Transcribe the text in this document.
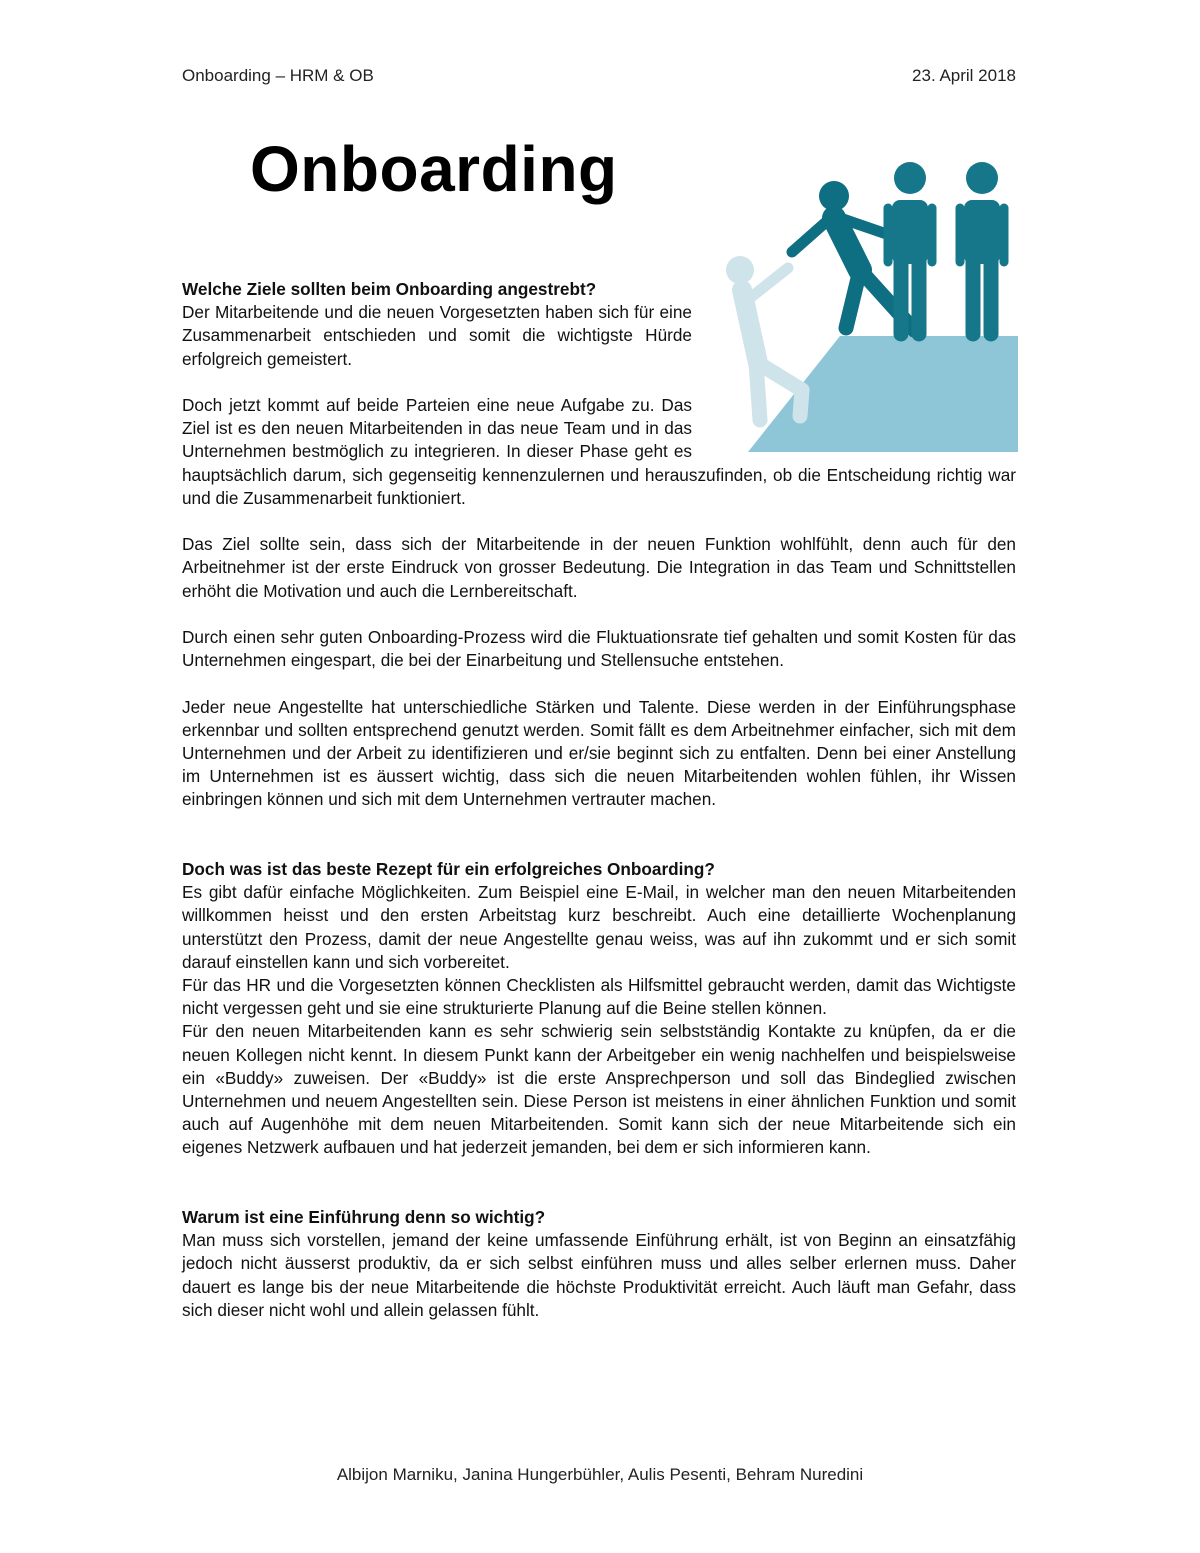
Onboarding – HRM & OB	23. April 2018
Onboarding
Welche Ziele sollten beim Onboarding angestrebt?

Der Mitarbeitende und die neuen Vorgesetzten haben sich für eine Zusammenarbeit entschieden und somit die wichtigste Hürde erfolgreich gemeistert.

Doch jetzt kommt auf beide Parteien eine neue Aufgabe zu. Das Ziel ist es den neuen Mitarbeitenden in das neue Team und in das Unternehmen bestmöglich zu integrieren. In dieser Phase geht es hauptsächlich darum, sich gegenseitig kennenzulernen und herauszufinden, ob die Entscheidung richtig war und die Zusammenarbeit funktioniert.

Das Ziel sollte sein, dass sich der Mitarbeitende in der neuen Funktion wohlfühlt, denn auch für den Arbeitnehmer ist der erste Eindruck von grosser Bedeutung. Die Integration in das Team und Schnittstellen erhöht die Motivation und auch die Lernbereitschaft.

Durch einen sehr guten Onboarding-Prozess wird die Fluktuationsrate tief gehalten und somit Kosten für das Unternehmen eingespart, die bei der Einarbeitung und Stellensuche entstehen.

Jeder neue Angestellte hat unterschiedliche Stärken und Talente. Diese werden in der Einführungsphase erkennbar und sollten entsprechend genutzt werden. Somit fällt es dem Arbeitnehmer einfacher, sich mit dem Unternehmen und der Arbeit zu identifizieren und er/sie beginnt sich zu entfalten. Denn bei einer Anstellung im Unternehmen ist es äussert wichtig, dass sich die neuen Mitarbeitenden wohlen fühlen, ihr Wissen einbringen können und sich mit dem Unternehmen vertrauter machen.

Doch was ist das beste Rezept für ein erfolgreiches Onboarding?

Es gibt dafür einfache Möglichkeiten. Zum Beispiel eine E-Mail, in welcher man den neuen Mitarbeitenden willkommen heisst und den ersten Arbeitstag kurz beschreibt. Auch eine detaillierte Wochenplanung unterstützt den Prozess, damit der neue Angestellte genau weiss, was auf ihn zukommt und er sich somit darauf einstellen kann und sich vorbereitet.

Für das HR und die Vorgesetzten können Checklisten als Hilfsmittel gebraucht werden, damit das Wichtigste nicht vergessen geht und sie eine strukturierte Planung auf die Beine stellen können.

Für den neuen Mitarbeitenden kann es sehr schwierig sein selbstständig Kontakte zu knüpfen, da er die neuen Kollegen nicht kennt. In diesem Punkt kann der Arbeitgeber ein wenig nachhelfen und beispielsweise ein «Buddy» zuweisen. Der «Buddy» ist die erste Ansprechperson und soll das Bindeglied zwischen Unternehmen und neuem Angestellten sein. Diese Person ist meistens in einer ähnlichen Funktion und somit auch auf Augenhöhe mit dem neuen Mitarbeitenden. Somit kann sich der neue Mitarbeitende sich ein eigenes Netzwerk aufbauen und hat jederzeit jemanden, bei dem er sich informieren kann.

Warum ist eine Einführung denn so wichtig?

Man muss sich vorstellen, jemand der keine umfassende Einführung erhält, ist von Beginn an einsatzfähig jedoch nicht äusserst produktiv, da er sich selbst einführen muss und alles selber erlernen muss. Daher dauert es lange bis der neue Mitarbeitende die höchste Produktivität erreicht. Auch läuft man Gefahr, dass sich dieser nicht wohl und allein gelassen fühlt.

Albijon Marniku, Janina Hungerbühler, Aulis Pesenti, Behram Nuredini
